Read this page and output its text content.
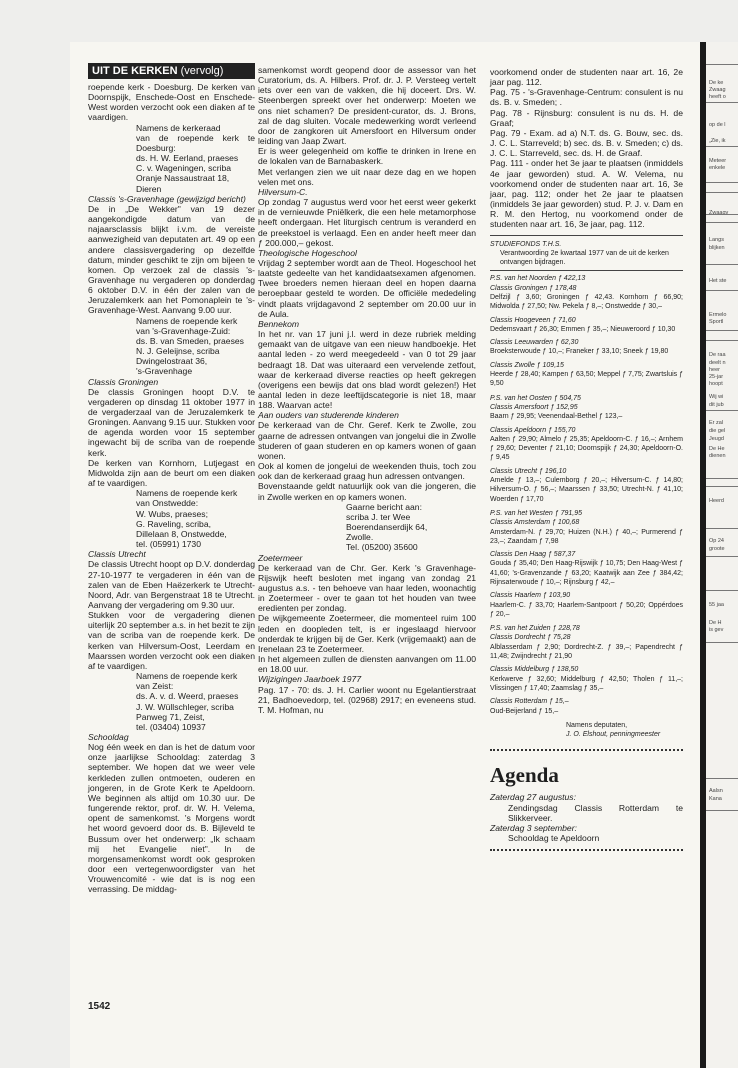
De ke
Zwaag
heeft o
op de l
„Zie, ik
Meteer
enkele
Zwaagv
Langs
blijken
Het ste
Ermelo
Sportl
De raa
deelt n
heer
25-jar
hoopt
Wij wi
dit jub
Er zal
die gel
Jeugd
De He
dienen
Heerd
Op 24
groote
55 jaa
De H
is gev
Aalsn
Kana
UIT DE KERKEN (vervolg)

roepende kerk - Doesburg. De kerken van Doornspijk, Enschede-Oost en Enschede-West worden verzocht ook een diaken af te vaardigen.

Namens de kerkeraad

van de roepende kerk te Doesburg:

ds. H. W. Eerland, praeses

C. v. Wageningen, scriba

Oranje Nassaustraat 18,

Dieren

Classis 's-Gravenhage (gewijzigd bericht)

De in „De Wekker" van 19 dezer aangekondigde datum van de najaarsclassis blijkt i.v.m. de vereiste aanwezigheid van deputaten art. 49 op een andere classisvergadering op dezelfde datum, minder geschikt te zijn om bijeen te komen. Op verzoek zal de classis 's-Gravenhage nu vergaderen op donderdag 6 oktober D.V. in één der zalen van de Jeruzalemkerk aan het Pomonaplein te 's-Gravenhage-West. Aanvang 9.00 uur.

Namens de roepende kerk

van 's-Gravenhage-Zuid:

ds. B. van Smeden, praeses

N. J. Geleijnse, scriba

Dwingelostraat 36,

's-Gravenhage

Classis Groningen

De classis Groningen hoopt D.V. te vergaderen op dinsdag 11 oktober 1977 in de vergaderzaal van de Jeruzalemkerk te Groningen. Aanvang 9.15 uur. Stukken voor de agenda worden voor 15 september ingewacht bij de scriba van de roepende kerk.

De kerken van Kornhorn, Lutjegast en Midwolda zijn aan de beurt om een diaken af te vaardigen.

Namens de roepende kerk

van Onstwedde:

W. Wubs, praeses;

G. Raveling, scriba,

Dillelaan 8, Onstwedde,

tel. (05991) 1730

Classis Utrecht

De classis Utrecht hoopt op D.V. donderdag 27-10-1977 te vergaderen in één van de zalen van de Eben Haëzerkerk te Utrecht-Noord, Adr. van Bergenstraat 18 te Utrecht. Aanvang der vergadering om 9.30 uur.

Stukken voor de vergadering dienen uiterlijk 20 september a.s. in het bezit te zijn van de scriba van de roepende kerk. De kerken van Hilversum-Oost, Leerdam en Maarssen worden verzocht ook een diaken af te vaardigen.

Namens de roepende kerk

van Zeist:

ds. A. v. d. Weerd, praeses

J. W. Wüllschleger, scriba

Panweg 71, Zeist,

tel. (03404) 10937

Schooldag

Nog één week en dan is het de datum voor onze jaarlijkse Schooldag: zaterdag 3 september. We hopen dat we weer vele kerkleden zullen ontmoeten, ouderen en jongeren, in de Grote Kerk te Apeldoorn. We beginnen als altijd om 10.30 uur. De fungerende rektor, prof. dr. W. H. Velema, opent de samenkomst. 's Morgens wordt het woord gevoerd door ds. B. Bijleveld te Bussum over het onderwerp: „Ik schaam mij het Evangelie niet". In de morgensamenkomst wordt ook gesproken door een vertegenwoordigster van het Vrouwencomité - wie dat is is nog een verrassing. De middag-

samenkomst wordt geopend door de assessor van het Curatorium, ds. A. Hilbers. Prof. dr. J. P. Versteeg vertelt iets over een van de vakken, die hij doceert. Drs. W. Steenbergen spreekt over het onderwerp: Moeten we ons niet schamen? De president-curator, ds. J. Brons, zal de dag sluiten. Vocale medewerking wordt verleend door de zangkoren uit Amersfoort en Hilversum onder leiding van Jaap Zwart.

Er is weer gelegenheid om koffie te drinken in Irene en de lokalen van de Barnabaskerk.

Met verlangen zien we uit naar deze dag en we hopen velen met ons.

Hilversum-C.

Op zondag 7 augustus werd voor het eerst weer gekerkt in de vernieuwde Pniëlkerk, die een hele metamorphose heeft ondergaan. Het liturgisch centrum is veranderd en de preekstoel is verlaagd. Een en ander heeft meer dan ƒ 200.000,– gekost.

Theologische Hogeschool

Vrijdag 2 september wordt aan de Theol. Hogeschool het laatste gedeelte van het kandidaatsexamen afgenomen. Twee broeders nemen hieraan deel en hopen daarna beroepbaar gesteld te worden. De officiële mededeling vindt plaats vrijdagavond 2 september om 20.00 uur in de Aula.

Bennekom

In het nr. van 17 juni j.l. werd in deze rubriek melding gemaakt van de uitgave van een nieuw handboekje. Het aantal leden - zo werd meegedeeld - van 0 tot 29 jaar bedraagt 18. Dat was uiteraard een vervelende zetfout, waar de kerkeraad diverse reacties op heeft gekregen (overigens een bewijs dat ons blad wordt gelezen!) Het aantal leden in deze leeftijdscategorie is niet 18, maar 188. Waarvan acte!

Aan ouders van studerende kinderen

De kerkeraad van de Chr. Geref. Kerk te Zwolle, zou gaarne de adressen ontvangen van jongelui die in Zwolle studeren of gaan studeren en op kamers wonen of gaan wonen.

Ook al komen de jongelui de weekenden thuis, toch zou ook dan de kerkeraad graag hun adressen ontvangen.

Bovenstaande geldt natuurlijk ook van die jongeren, die in Zwolle werken en op kamers wonen.

Gaarne bericht aan:

scriba J. ter Wee

Boerendanserdijk 64,

Zwolle.

Tel. (05200) 35600

Zoetermeer

De kerkeraad van de Chr. Ger. Kerk 's Gravenhage-Rijswijk heeft besloten met ingang van zondag 21 augustus a.s. - ten behoeve van haar leden, woonachtig in Zoetermeer - over te gaan tot het houden van twee eredienten per zondag.

De wijkgemeente Zoetermeer, die momenteel ruim 100 leden en doopleden telt, is er ingeslaagd hiervoor onderdak te krijgen bij de Ger. Kerk (vrijgemaakt) aan de Irenelaan 23 te Zoetermeer.

In het algemeen zullen de diensten aanvangen om 11.00 en 18.00 uur.

Wijzigingen Jaarboek 1977

Pag. 17 - 70: ds. J. H. Carlier woont nu Egelantierstraat 21, Badhoevedorp, tel. (02968) 2917; en eveneens stud. T. M. Hofman, nu

voorkomend onder de studenten naar art. 16, 2e jaar pag. 112.

Pag. 75 - 's-Gravenhage-Centrum: consulent is nu ds. B. v. Smeden; .

Pag. 78 - Rijnsburg: consulent is nu ds. H. de Graaf;

Pag. 79 - Exam. ad a) N.T. ds. G. Bouw, sec. ds. J. C. L. Starreveld; b) sec. ds. B. v. Smeden; c) ds. J. C. L. Starreveld, sec. ds. H. de Graaf.

Pag. 111 - onder het 3e jaar te plaatsen (inmiddels 4e jaar geworden) stud. A. W. Velema, nu voorkomend onder de studenten naar art. 16, 3e jaar, pag. 112; onder het 2e jaar te plaatsen (inmiddels 3e jaar geworden) stud. P. J. v. Dam en R. M. den Hertog, nu voorkomend onder de studenten naar art. 16, 3e jaar, pag. 112.

STUDIEFONDS T.H.S.

Verantwoording 2e kwartaal 1977 van de uit de kerken ontvangen bijdragen.

P.S. van het Noorden ƒ 422,13

Classis Groningen ƒ 178,48

Delfzijl ƒ 3,60; Groningen ƒ 42,43. Kornhorn ƒ 66,90; Midwolda ƒ 27,50; Nw. Pekela ƒ 8,–; Onstwedde ƒ 30,–

Classis Hoogeveen ƒ 71,60

Dedemsvaart ƒ 26,30; Emmen ƒ 35,–; Nieuweroord ƒ 10,30

Classis Leeuwarden ƒ 62,30

Broeksterwoude ƒ 10,–; Franeker ƒ 33,10; Sneek ƒ 19,80

Classis Zwolle ƒ 109,15

Heerde ƒ 28,40; Kampen ƒ 63,50; Meppel ƒ 7,75; Zwartsluis ƒ 9,50

P.S. van het Oosten ƒ 504,75

Classis Amersfoort ƒ 152,95

Baarn ƒ 29,95; Veenendaal-Bethel ƒ 123,–

Classis Apeldoorn ƒ 155,70

Aalten ƒ 29,90; Almelo ƒ 25,35; Apeldoorn-C. ƒ 16,–; Arnhem ƒ 29,60; Deventer ƒ 21,10; Doornspijk ƒ 24,30; Apeldoorn-O. ƒ 9,45

Classis Utrecht ƒ 196,10

Amelde ƒ 13,–; Culemborg ƒ 20,–; Hilversum-C. ƒ 14,80; Hilversum-O. ƒ 56,–; Maarssen ƒ 33,50; Utrecht-N. ƒ 41,10; Woerden ƒ 17,70

P.S. van het Westen ƒ 791,95

Classis Amsterdam ƒ 100,68

Amsterdam-N. ƒ 29,70; Huizen (N.H.) ƒ 40,–; Purmerend ƒ 23,–; Zaandam ƒ 7,98

Classis Den Haag ƒ 587,37

Gouda ƒ 35,40; Den Haag-Rijswijk ƒ 10,75; Den Haag-West ƒ 41,60; 's-Gravenzande ƒ 63,20; Kaatwijk aan Zee ƒ 384,42; Rijnsaterwoude ƒ 10,–; Rijnsburg ƒ 42,–

Classis Haarlem ƒ 103,90

Haarlem-C. ƒ 33,70; Haarlem-Santpoort ƒ 50,20; Oppérdoes ƒ 20,–

P.S. van het Zuiden ƒ 228,78

Classis Dordrecht ƒ 75,28

Alblasserdam ƒ 2,90; Dordrecht-Z. ƒ 39,–; Papendrecht ƒ 11,48; Zwijndrecht ƒ 21,90

Classis Middelburg ƒ 138,50

Kerkwerve ƒ 32,60; Middelburg ƒ 42,50; Tholen ƒ 11,–; Vlissingen ƒ 17,40; Zaamslag ƒ 35,–

Classis Rotterdam ƒ 15,–

Oud-Beijerland ƒ 15,–

Namens deputaten,

J. O. Elshout, penningmeester

Agenda

Zaterdag 27 augustus:

Zendingsdag Classis Rotterdam te Slikkerveer.

Zaterdag 3 september:

Schooldag te Apeldoorn

1542
